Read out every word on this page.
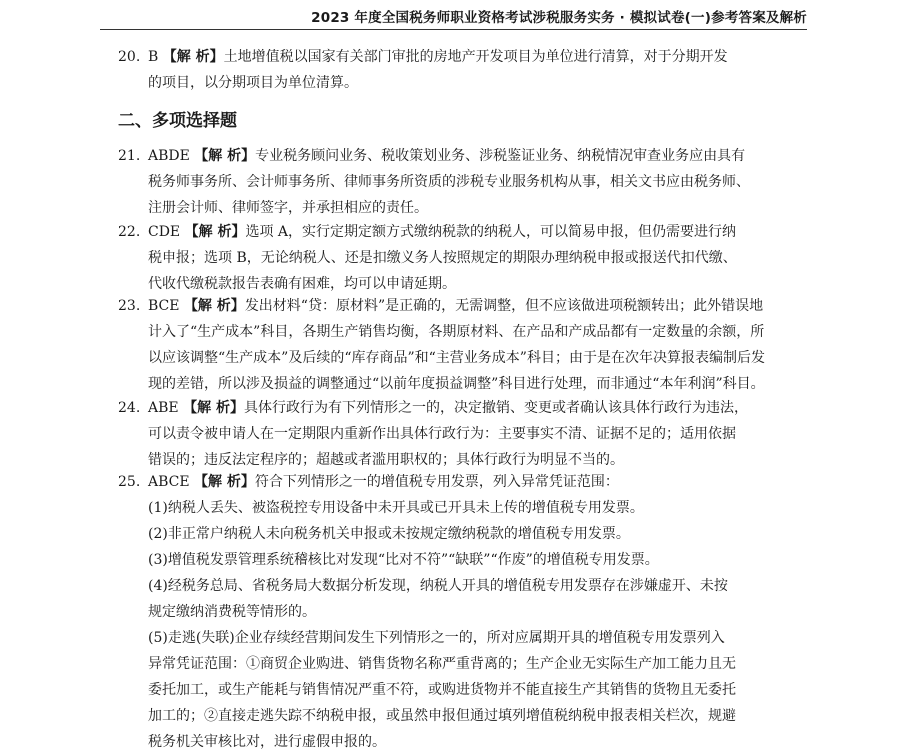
2023 年度全国税务师职业资格考试涉税服务实务 · 模拟试卷(一)参考答案及解析
20. B 【解 析】土地增值税以国家有关部门审批的房地产开发项目为单位进行清算，对于分期开发
的项目，以分期项目为单位清算。
二、多项选择题
21. ABDE 【解 析】专业税务顾问业务、税收策划业务、涉税鉴证业务、纳税情况审查业务应由具有
税务师事务所、会计师事务所、律师事务所资质的涉税专业服务机构从事，相关文书应由税务师、
注册会计师、律师签字，并承担相应的责任。
22. CDE 【解 析】选项 A，实行定期定额方式缴纳税款的纳税人，可以简易申报，但仍需要进行纳
税申报；选项 B，无论纳税人、还是扣缴义务人按照规定的期限办理纳税申报或报送代扣代缴、
代收代缴税款报告表确有困难，均可以申请延期。
23. BCE 【解 析】发出材料“贷：原材料”是正确的，无需调整，但不应该做进项税额转出；此外错误地
计入了“生产成本”科目，各期生产销售均衡，各期原材料、在产品和产成品都有一定数量的余额，所
以应该调整“生产成本”及后续的“库存商品”和“主营业务成本”科目；由于是在次年决算报表编制后发
现的差错，所以涉及损益的调整通过“以前年度损益调整”科目进行处理，而非通过“本年利润”科目。
24. ABE 【解 析】具体行政行为有下列情形之一的，决定撤销、变更或者确认该具体行政行为违法，
可以责令被申请人在一定期限内重新作出具体行政行为：主要事实不清、证据不足的；适用依据
错误的；违反法定程序的；超越或者滥用职权的；具体行政行为明显不当的。
25. ABCE 【解 析】符合下列情形之一的增值税专用发票，列入异常凭证范围：
(1)纳税人丢失、被盗税控专用设备中未开具或已开具未上传的增值税专用发票。
(2)非正常户纳税人未向税务机关申报或未按规定缴纳税款的增值税专用发票。
(3)增值税发票管理系统稽核比对发现“比对不符”“缺联”“作废”的增值税专用发票。
(4)经税务总局、省税务局大数据分析发现，纳税人开具的增值税专用发票存在涉嫌虚开、未按
规定缴纳消费税等情形的。
(5)走逃(失联)企业存续经营期间发生下列情形之一的，所对应属期开具的增值税专用发票列入
异常凭证范围：①商贸企业购进、销售货物名称严重背离的；生产企业无实际生产加工能力且无
委托加工，或生产能耗与销售情况严重不符，或购进货物并不能直接生产其销售的货物且无委托
加工的；②直接走逃失踪不纳税申报，或虽然申报但通过填列增值税纳税申报表相关栏次，规避
税务机关审核比对，进行虚假申报的。
